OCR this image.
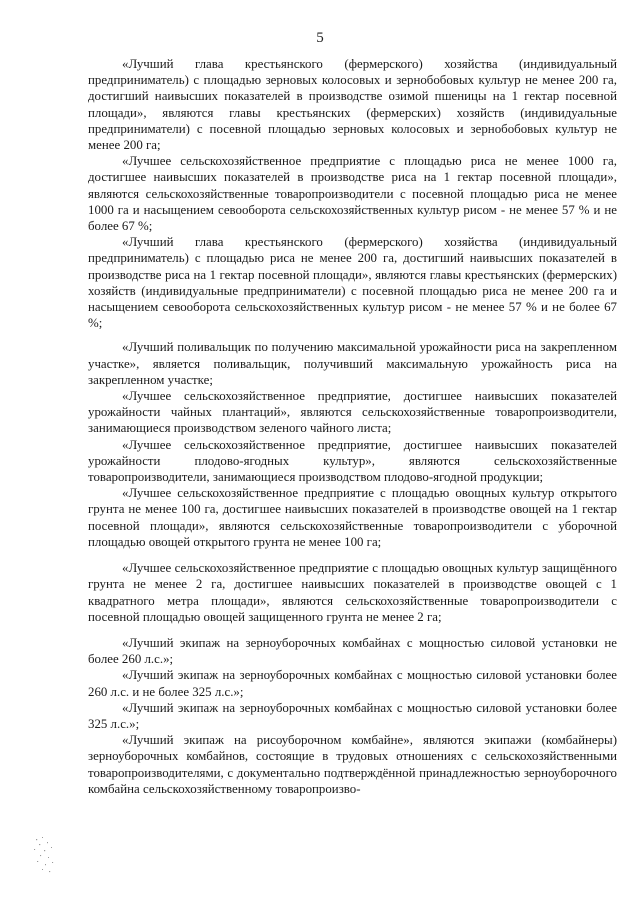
5

«Лучший глава крестьянского (фермерского) хозяйства (индивидуальный предприниматель) с площадью зерновых колосовых и зернобобовых культур не менее 200 га, достигший наивысших показателей в производстве озимой пшеницы на 1 гектар посевной площади», являются главы крестьянских (фермерских) хозяйств (индивидуальные предприниматели) с посевной площадью зерновых колосовых и зернобобовых культур не менее 200 га;

«Лучшее сельскохозяйственное предприятие с площадью риса не менее 1000 га, достигшее наивысших показателей в производстве риса на 1 гектар посевной площади», являются сельскохозяйственные товаропроизводители с посевной площадью риса не менее 1000 га и насыщением севооборота сельскохозяйственных культур рисом - не менее 57 % и не более 67 %;

«Лучший глава крестьянского (фермерского) хозяйства (индивидуальный предприниматель) с площадью риса не менее 200 га, достигший наивысших показателей в производстве риса на 1 гектар посевной площади», являются главы крестьянских (фермерских) хозяйств (индивидуальные предприниматели) с посевной площадью риса не менее 200 га и насыщением севооборота сельскохозяйственных культур рисом - не менее 57 % и не более 67 %;

«Лучший поливальщик по получению максимальной урожайности риса на закрепленном участке», является поливальщик, получивший максимальную урожайность риса на закрепленном участке;

«Лучшее сельскохозяйственное предприятие, достигшее наивысших показателей урожайности чайных плантаций», являются сельскохозяйственные товаропроизводители, занимающиеся производством зеленого чайного листа;

«Лучшее сельскохозяйственное предприятие, достигшее наивысших показателей урожайности плодово-ягодных культур», являются сельскохозяйственные товаропроизводители, занимающиеся производством плодово-ягодной продукции;

«Лучшее сельскохозяйственное предприятие с площадью овощных культур открытого грунта не менее 100 га, достигшее наивысших показателей в производстве овощей на 1 гектар посевной площади», являются сельскохозяйственные товаропроизводители с уборочной площадью овощей открытого грунта не менее 100 га;

«Лучшее сельскохозяйственное предприятие с площадью овощных культур защищённого грунта не менее 2 га, достигшее наивысших показателей в производстве овощей с 1 квадратного метра площади», являются сельскохозяйственные товаропроизводители с посевной площадью овощей защищенного грунта не менее 2 га;

«Лучший экипаж на зерноуборочных комбайнах с мощностью силовой установки не более 260 л.с.»;

«Лучший экипаж на зерноуборочных комбайнах с мощностью силовой установки более 260 л.с. и не более 325 л.с.»;

«Лучший экипаж на зерноуборочных комбайнах с мощностью силовой установки более 325 л.с.»;

«Лучший экипаж на рисоуборочном комбайне», являются экипажи (комбайнеры) зерноуборочных комбайнов, состоящие в трудовых отношениях с сельскохозяйственными товаропроизводителями, с документально подтверждённой принадлежностью зерноуборочного комбайна сельскохозяйственному товаропроизво-
